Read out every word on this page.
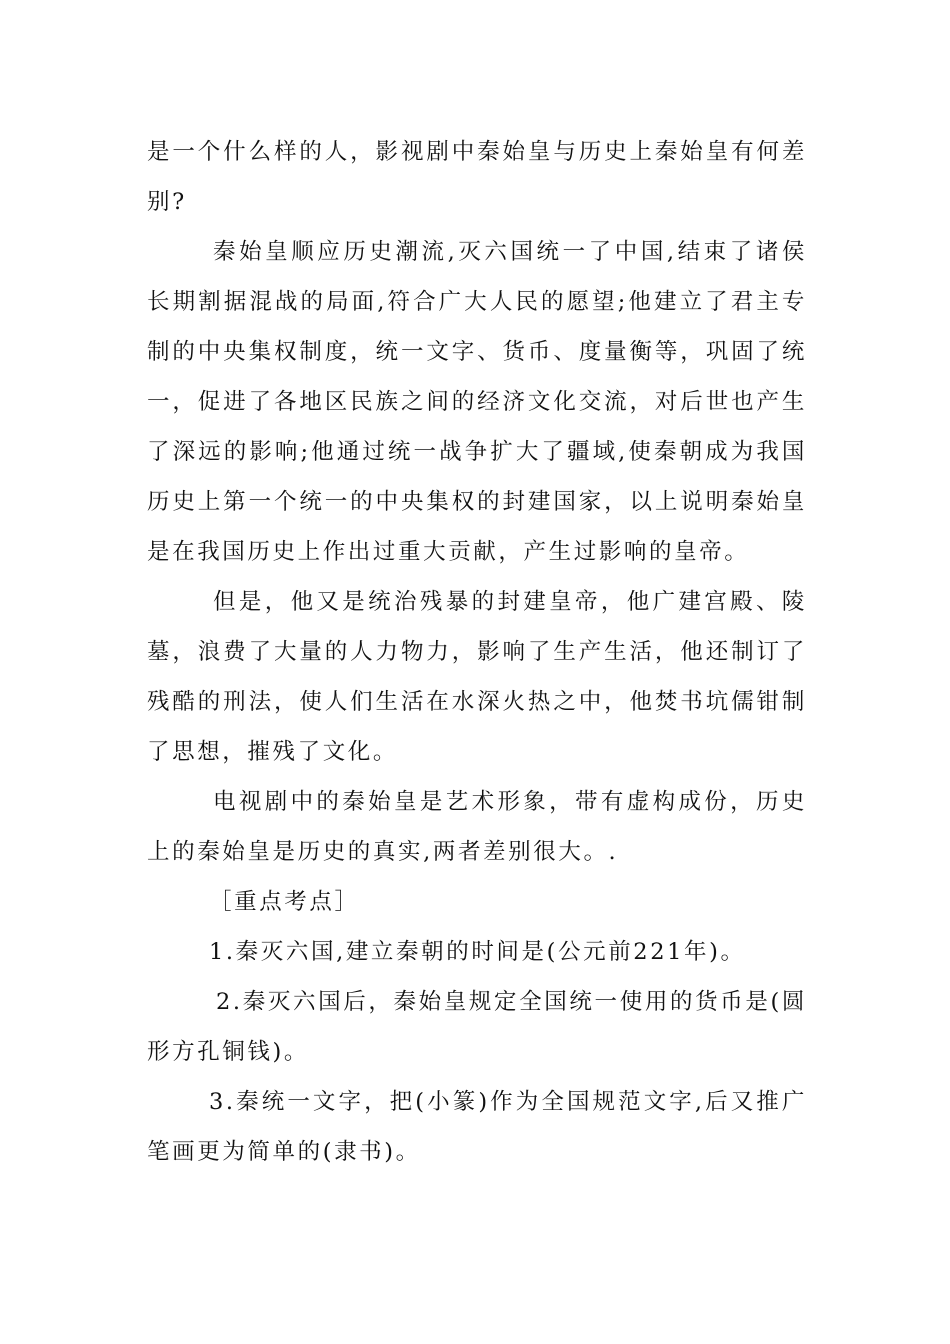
是一个什么样的人，影视剧中秦始皇与历史上秦始皇有何差别?

秦始皇顺应历史潮流,灭六国统一了中国,结束了诸侯长期割据混战的局面,符合广大人民的愿望;他建立了君主专制的中央集权制度，统一文字、货币、度量衡等，巩固了统一，促进了各地区民族之间的经济文化交流，对后世也产生了深远的影响;他通过统一战争扩大了疆域,使秦朝成为我国历史上第一个统一的中央集权的封建国家，以上说明秦始皇是在我国历史上作出过重大贡献，产生过影响的皇帝。

但是，他又是统治残暴的封建皇帝，他广建宫殿、陵墓，浪费了大量的人力物力，影响了生产生活，他还制订了残酷的刑法，使人们生活在水深火热之中，他焚书坑儒钳制了思想，摧残了文化。

电视剧中的秦始皇是艺术形象，带有虚构成份，历史上的秦始皇是历史的真实,两者差别很大。.

［重点考点］

1.秦灭六国,建立秦朝的时间是(公元前221年)。

2.秦灭六国后，秦始皇规定全国统一使用的货币是(圆形方孔铜钱)。

3.秦统一文字，把(小篆)作为全国规范文字,后又推广笔画更为简单的(隶书)。
